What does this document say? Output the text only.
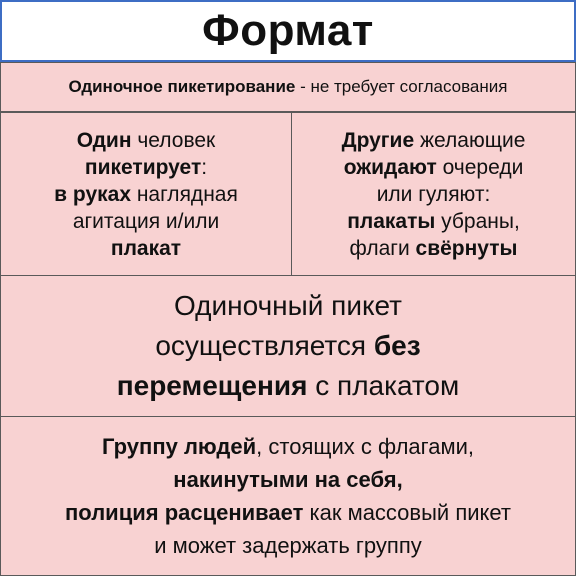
Формат
Одиночное пикетирование - не требует согласования
Один человек
пикетирует:
в руках наглядная
агитация и/или
плакат
Другие желающие
ожидают очереди
или гуляют:
плакаты убраны,
флаги свёрнуты
Одиночный пикет
осуществляется без
перемещения с плакатом
Группу людей, стоящих с флагами,
накинутыми на себя,
полиция расценивает как массовый пикет
и может задержать группу
